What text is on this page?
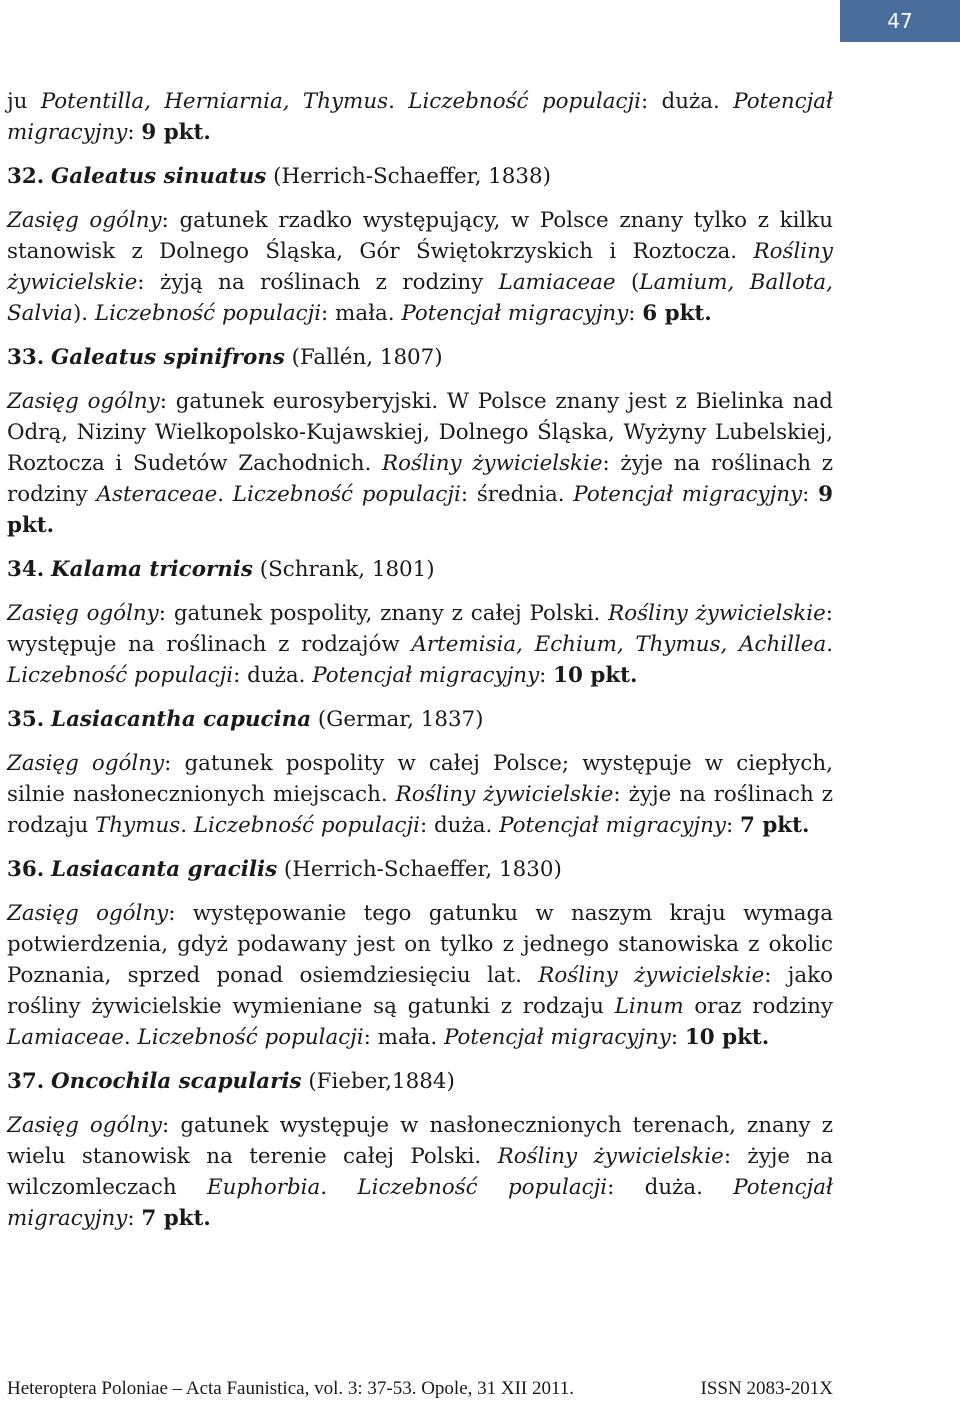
47

ju Potentilla, Herniarnia, Thymus. Liczebność populacji: duża. Potencjał migracyjny: 9 pkt.

32. Galeatus sinuatus (Herrich-Schaeffer, 1838)

Zasięg ogólny: gatunek rzadko występujący, w Polsce znany tylko z kilku stanowisk z Dolnego Śląska, Gór Świętokrzyskich i Roztocza. Rośliny żywicielskie: żyją na roślinach z rodziny Lamiaceae (Lamium, Ballota, Salvia). Liczebność populacji: mała. Potencjał migracyjny: 6 pkt.

33. Galeatus spinifrons (Fallén, 1807)

Zasięg ogólny: gatunek eurosyberyjski. W Polsce znany jest z Bielinka nad Odrą, Niziny Wielkopolsko-Kujawskiej, Dolnego Śląska, Wyżyny Lubelskiej, Roztocza i Sudetów Zachodnich. Rośliny żywicielskie: żyje na roślinach z rodziny Asteraceae. Liczebność populacji: średnia. Potencjał migracyjny: 9 pkt.

34. Kalama tricornis (Schrank, 1801)

Zasięg ogólny: gatunek pospolity, znany z całej Polski. Rośliny żywicielskie: występuje na roślinach z rodzajów Artemisia, Echium, Thymus, Achillea. Liczebność populacji: duża. Potencjał migracyjny: 10 pkt.

35. Lasiacantha capucina (Germar, 1837)

Zasięg ogólny: gatunek pospolity w całej Polsce; występuje w ciepłych, silnie nasłonecznionych miejscach. Rośliny żywicielskie: żyje na roślinach z rodzaju Thymus. Liczebność populacji: duża. Potencjał migracyjny: 7 pkt.

36. Lasiacanta gracilis (Herrich-Schaeffer, 1830)

Zasięg ogólny: występowanie tego gatunku w naszym kraju wymaga potwierdzenia, gdyż podawany jest on tylko z jednego stanowiska z okolic Poznania, sprzed ponad osiemdziesięciu lat. Rośliny żywicielskie: jako rośliny żywicielskie wymieniane są gatunki z rodzaju Linum oraz rodziny Lamiaceae. Liczebność populacji: mała. Potencjał migracyjny: 10 pkt.

37. Oncochila scapularis (Fieber,1884)

Zasięg ogólny: gatunek występuje w nasłonecznionych terenach, znany z wielu stanowisk na terenie całej Polski. Rośliny żywicielskie: żyje na wilczomleczach Euphorbia. Liczebność populacji: duża. Potencjał migracyjny: 7 pkt.

Heteroptera Poloniae – Acta Faunistica, vol. 3: 37-53. Opole, 31 XII 2011.	ISSN 2083-201X
